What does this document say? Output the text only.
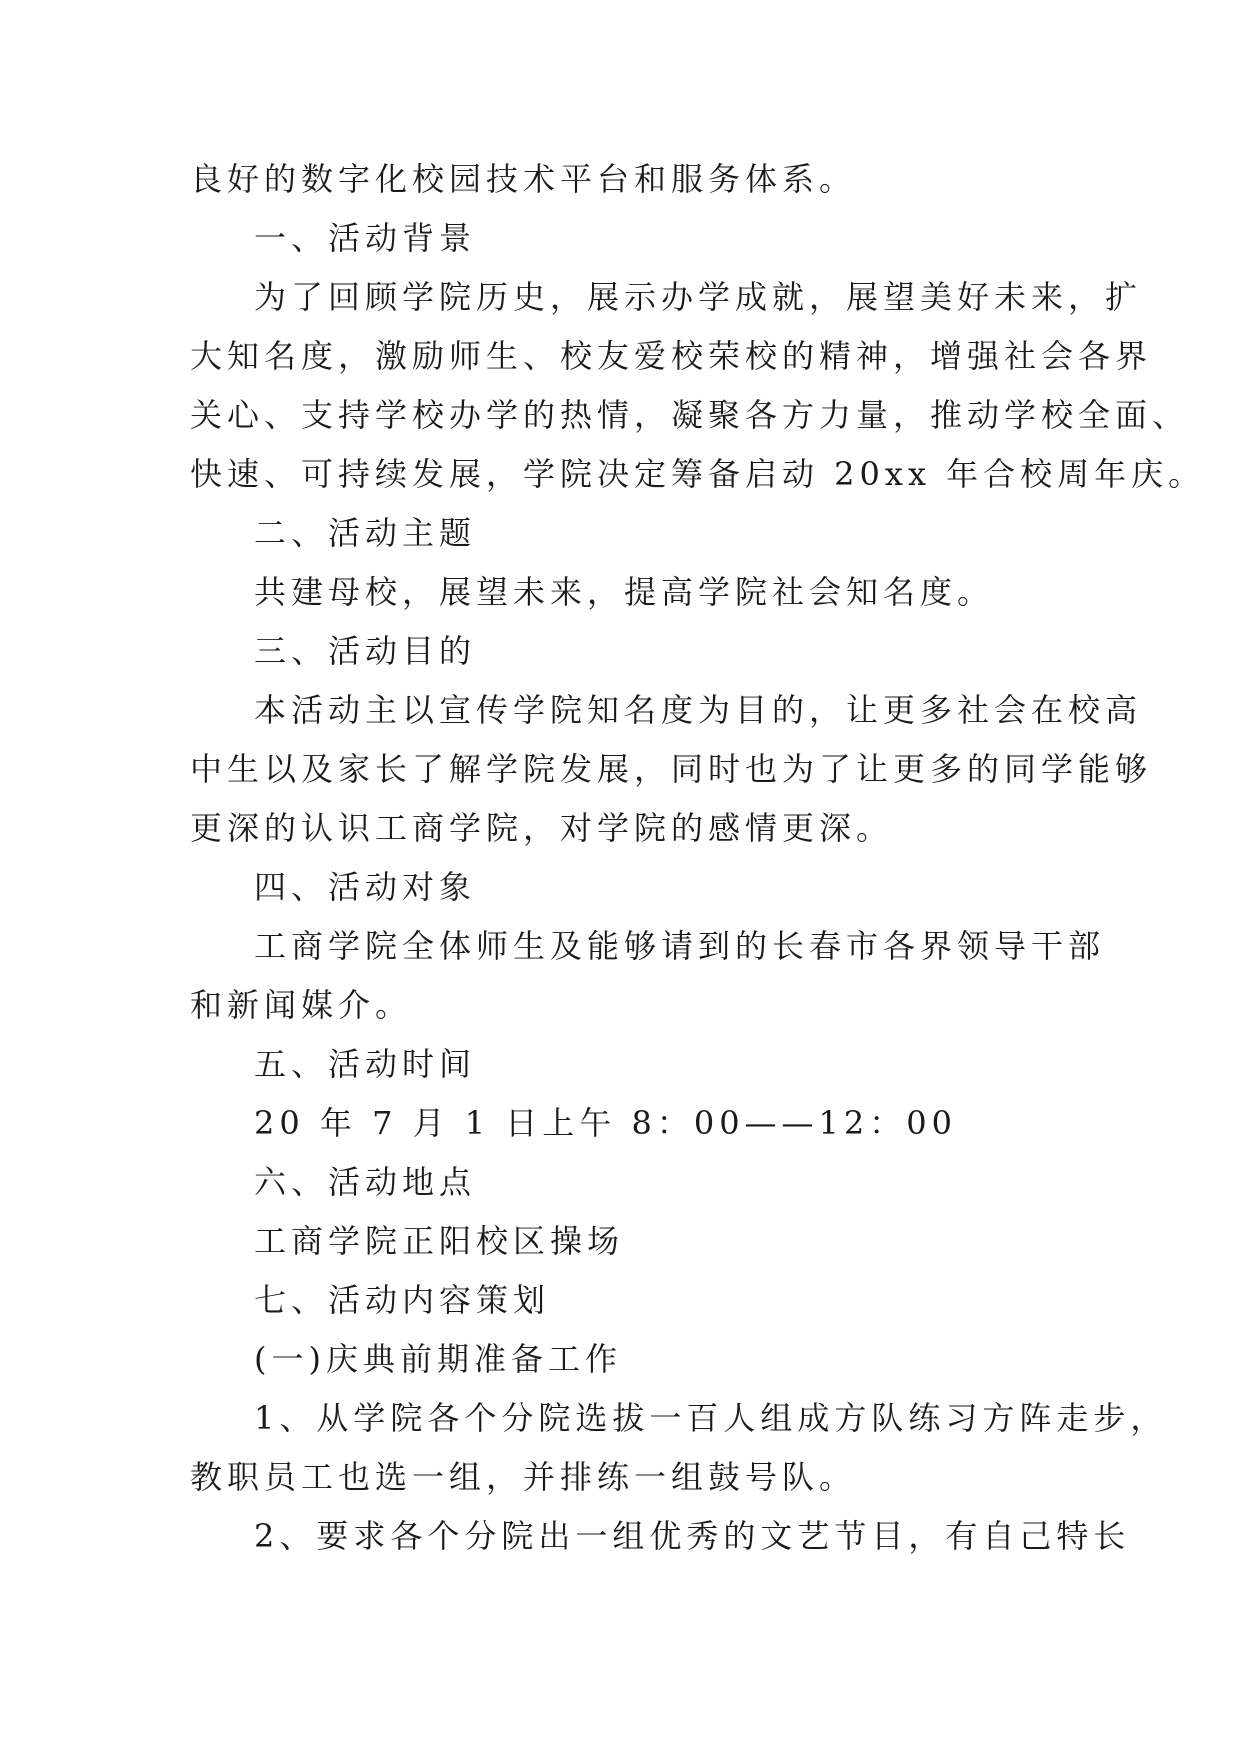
良好的数字化校园技术平台和服务体系。

一、活动背景

为了回顾学院历史，展示办学成就，展望美好未来，扩

大知名度，激励师生、校友爱校荣校的精神，增强社会各界

关心、支持学校办学的热情，凝聚各方力量，推动学校全面、

快速、可持续发展，学院决定筹备启动 20xx 年合校周年庆。

二、活动主题

共建母校，展望未来，提高学院社会知名度。

三、活动目的

本活动主以宣传学院知名度为目的，让更多社会在校高

中生以及家长了解学院发展，同时也为了让更多的同学能够

更深的认识工商学院，对学院的感情更深。

四、活动对象

工商学院全体师生及能够请到的长春市各界领导干部

和新闻媒介。

五、活动时间

20 年 7 月 1 日上午 8：00——12：00

六、活动地点

工商学院正阳校区操场

七、活动内容策划

(一)庆典前期准备工作

1、从学院各个分院选拔一百人组成方队练习方阵走步，

教职员工也选一组，并排练一组鼓号队。

2、要求各个分院出一组优秀的文艺节目，有自己特长
